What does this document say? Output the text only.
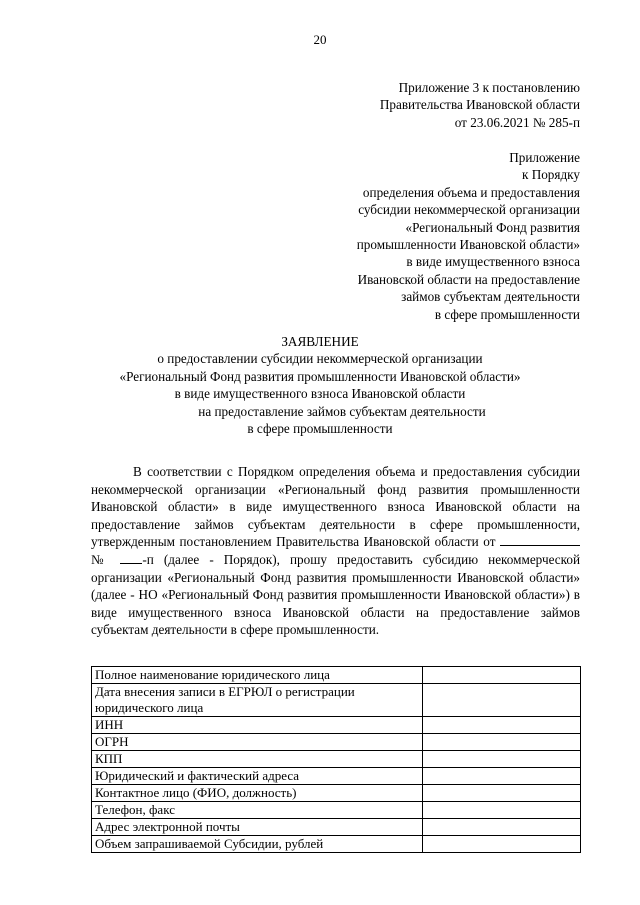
20
Приложение 3 к постановлению
Правительства Ивановской области
от 23.06.2021 № 285-п
Приложение
к Порядку
определения объема и предоставления
субсидии некоммерческой организации
«Региональный Фонд развития
промышленности Ивановской области»
в виде имущественного взноса
Ивановской области на предоставление
займов субъектам деятельности
в сфере промышленности
ЗАЯВЛЕНИЕ
о предоставлении субсидии некоммерческой организации
«Региональный Фонд развития промышленности Ивановской области»
в виде имущественного взноса Ивановской области
на предоставление займов субъектам деятельности
в сфере промышленности

В соответствии с Порядком определения объема и предоставления субсидии некоммерческой организации «Региональный фонд развития промышленности Ивановской области» в виде имущественного взноса Ивановской области на предоставление займов субъектам деятельности в сфере промышленности, утвержденным постановлением Правительства Ивановской области от  № -п (далее - Порядок), прошу предоставить субсидию некоммерческой организации «Региональный Фонд развития промышленности Ивановской области» (далее - НО «Региональный Фонд развития промышленности Ивановской области») в виде имущественного взноса Ивановской области на предоставление займов субъектам деятельности в сфере промышленности.

Полное наименование юридического лица	
Дата внесения записи в ЕГРЮЛ о регистрации юридического лица	
ИНН	
ОГРН	
КПП	
Юридический и фактический адреса	
Контактное лицо (ФИО, должность)	
Телефон, факс	
Адрес электронной почты	
Объем запрашиваемой Субсидии, рублей	
